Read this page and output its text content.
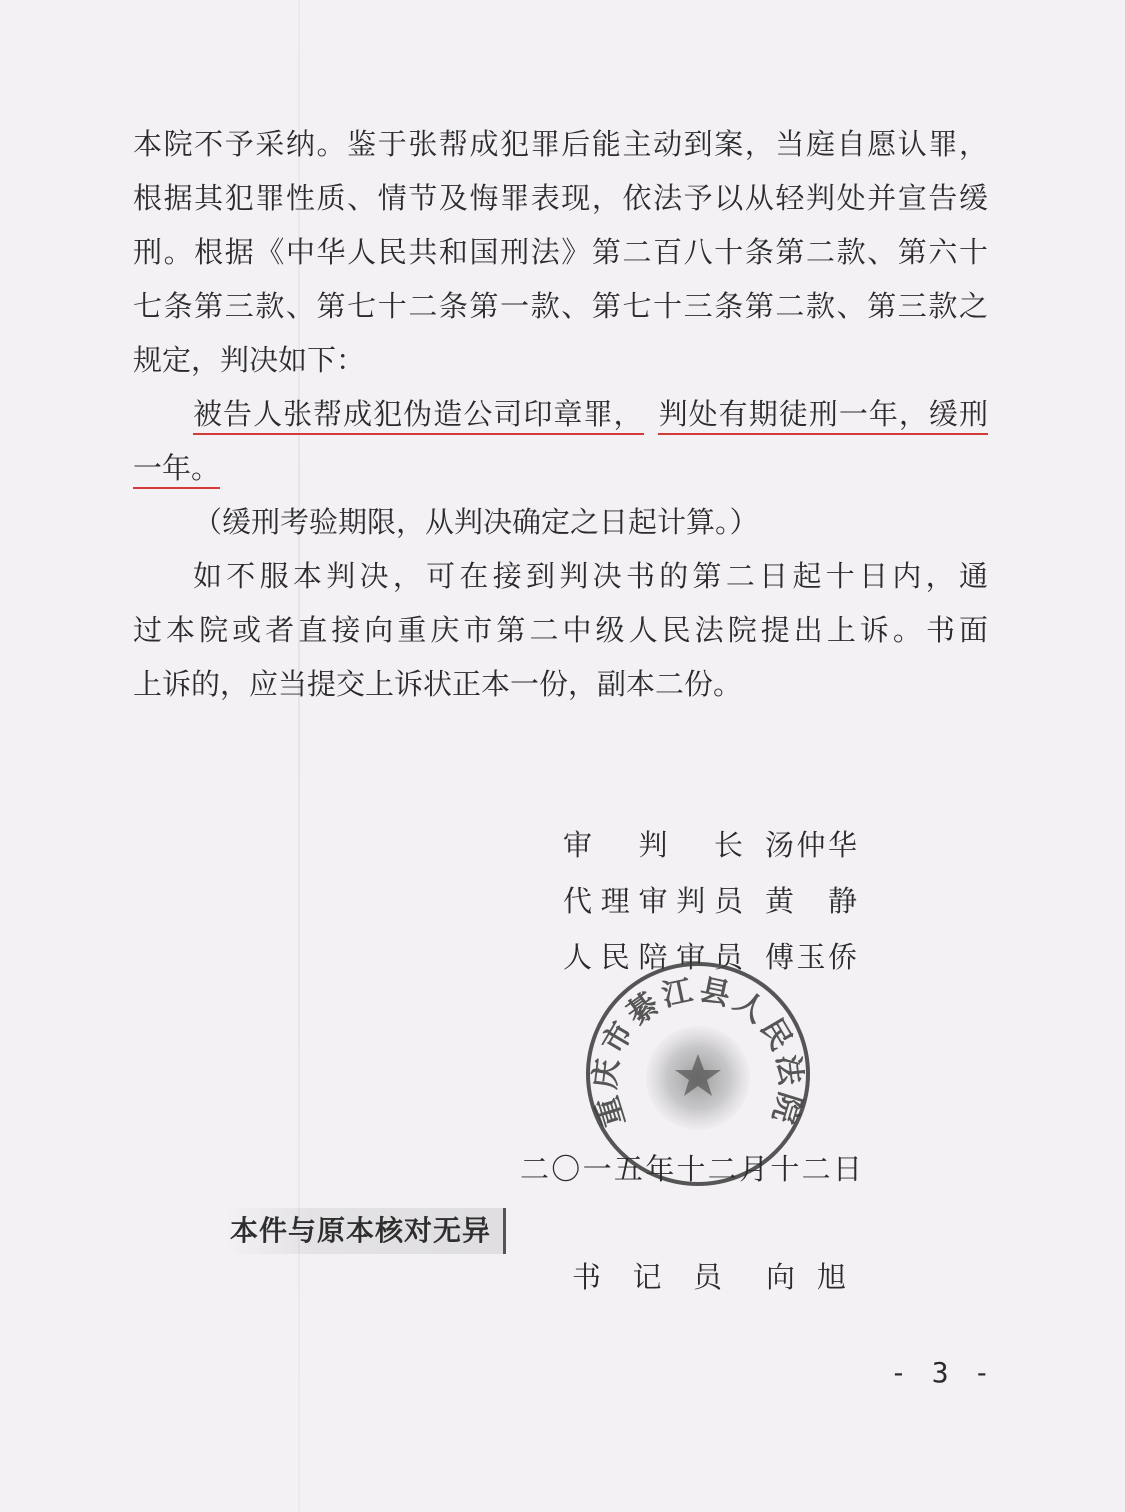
本院不予采纳。鉴于张帮成犯罪后能主动到案，当庭自愿认罪，
根据其犯罪性质、情节及悔罪表现，依法予以从轻判处并宣告缓
刑。根据《中华人民共和国刑法》第二百八十条第二款、第六十
七条第三款、第七十二条第一款、第七十三条第二款、第三款之
规定，判决如下：
被告人张帮成犯伪造公司印章罪， 判处有期徒刑一年，缓刑
一年。
（缓刑考验期限，从判决确定之日起计算。）
如不服本判决，可在接到判决书的第二日起十日内，通
过本院或者直接向重庆市第二中级人民法院提出上诉。书面
上诉的，应当提交上诉状正本一份，副本二份。
审判长 汤仲华
代理审判员 黄静
人民陪审员 傅玉侨
重庆市綦江县人民法院
二〇一五年十二月十二日
本件与原本核对无异
书记员 向旭
- 3 -
